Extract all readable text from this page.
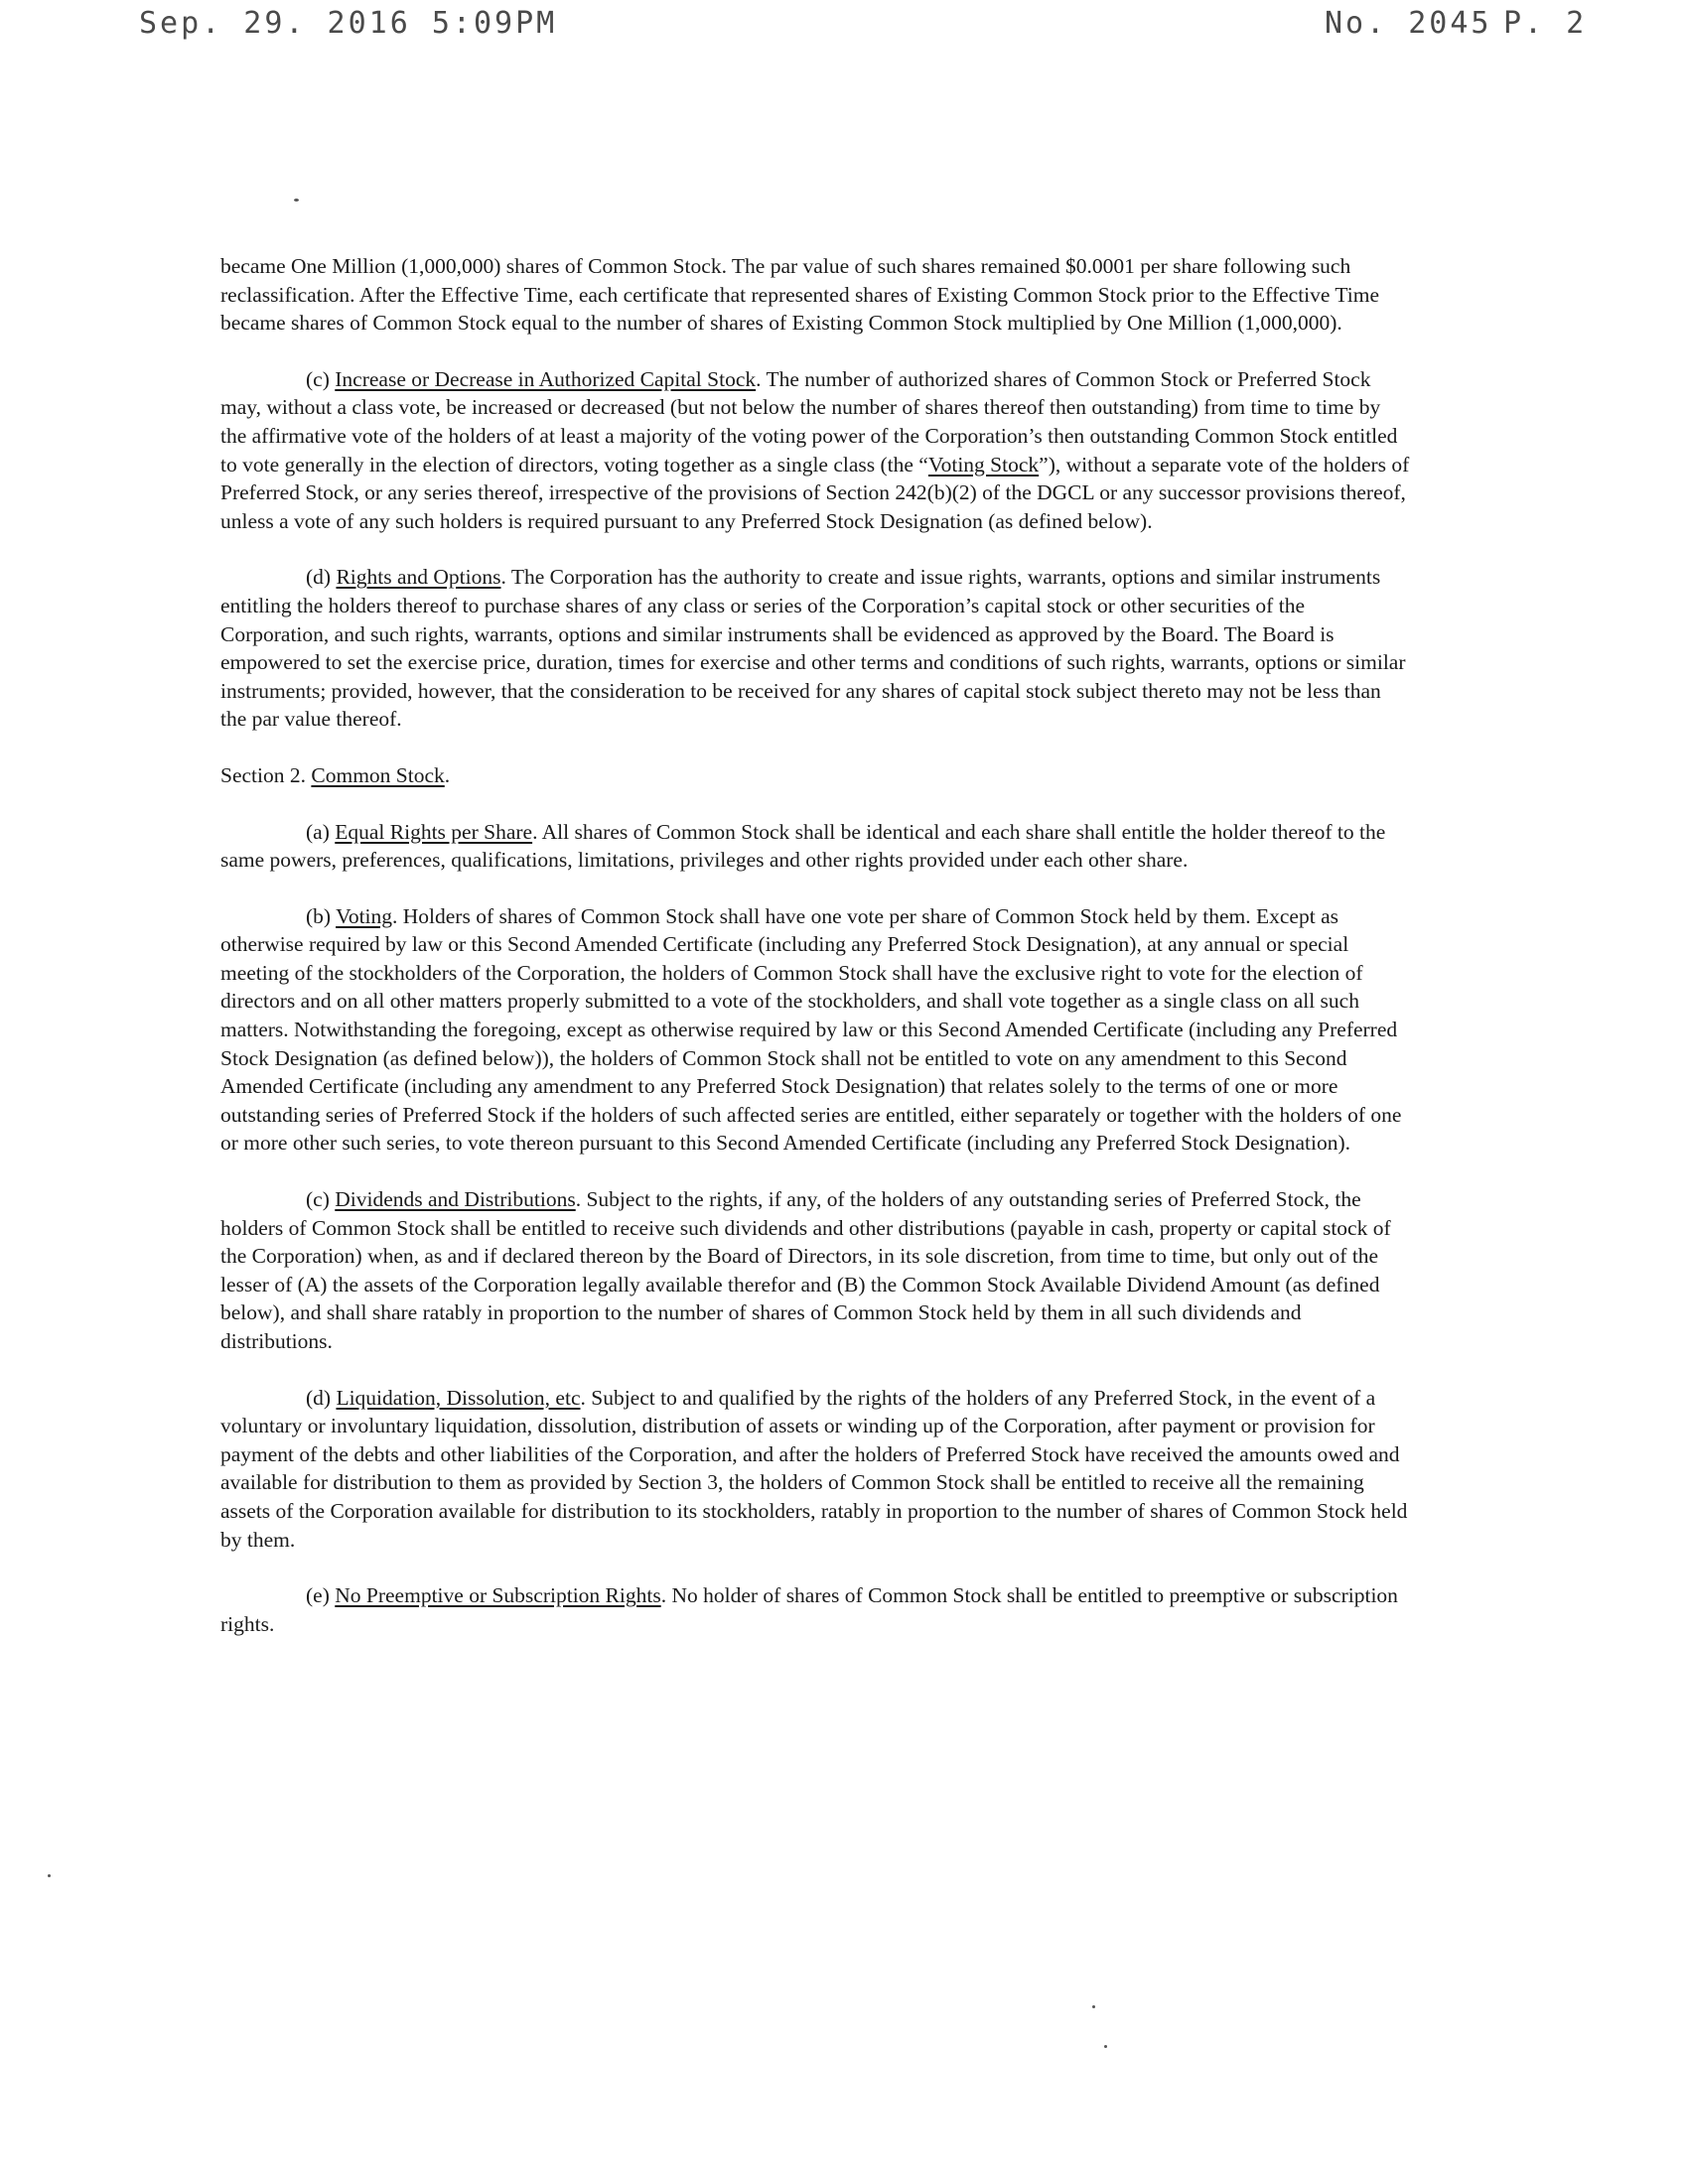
Sep. 29. 2016 5:09PM	No. 2045 P. 2

became One Million (1,000,000) shares of Common Stock. The par value of such shares remained $0.0001 per share following such reclassification. After the Effective Time, each certificate that represented shares of Existing Common Stock prior to the Effective Time became shares of Common Stock equal to the number of shares of Existing Common Stock multiplied by One Million (1,000,000).

(c) Increase or Decrease in Authorized Capital Stock. The number of authorized shares of Common Stock or Preferred Stock may, without a class vote, be increased or decreased (but not below the number of shares thereof then outstanding) from time to time by the affirmative vote of the holders of at least a majority of the voting power of the Corporation’s then outstanding Common Stock entitled to vote generally in the election of directors, voting together as a single class (the “Voting Stock”), without a separate vote of the holders of Preferred Stock, or any series thereof, irrespective of the provisions of Section 242(b)(2) of the DGCL or any successor provisions thereof, unless a vote of any such holders is required pursuant to any Preferred Stock Designation (as defined below).

(d) Rights and Options. The Corporation has the authority to create and issue rights, warrants, options and similar instruments entitling the holders thereof to purchase shares of any class or series of the Corporation’s capital stock or other securities of the Corporation, and such rights, warrants, options and similar instruments shall be evidenced as approved by the Board. The Board is empowered to set the exercise price, duration, times for exercise and other terms and conditions of such rights, warrants, options or similar instruments; provided, however, that the consideration to be received for any shares of capital stock subject thereto may not be less than the par value thereof.

Section 2. Common Stock.

(a) Equal Rights per Share. All shares of Common Stock shall be identical and each share shall entitle the holder thereof to the same powers, preferences, qualifications, limitations, privileges and other rights provided under each other share.

(b) Voting. Holders of shares of Common Stock shall have one vote per share of Common Stock held by them. Except as otherwise required by law or this Second Amended Certificate (including any Preferred Stock Designation), at any annual or special meeting of the stockholders of the Corporation, the holders of Common Stock shall have the exclusive right to vote for the election of directors and on all other matters properly submitted to a vote of the stockholders, and shall vote together as a single class on all such matters. Notwithstanding the foregoing, except as otherwise required by law or this Second Amended Certificate (including any Preferred Stock Designation (as defined below)), the holders of Common Stock shall not be entitled to vote on any amendment to this Second Amended Certificate (including any amendment to any Preferred Stock Designation) that relates solely to the terms of one or more outstanding series of Preferred Stock if the holders of such affected series are entitled, either separately or together with the holders of one or more other such series, to vote thereon pursuant to this Second Amended Certificate (including any Preferred Stock Designation).

(c) Dividends and Distributions. Subject to the rights, if any, of the holders of any outstanding series of Preferred Stock, the holders of Common Stock shall be entitled to receive such dividends and other distributions (payable in cash, property or capital stock of the Corporation) when, as and if declared thereon by the Board of Directors, in its sole discretion, from time to time, but only out of the lesser of (A) the assets of the Corporation legally available therefor and (B) the Common Stock Available Dividend Amount (as defined below), and shall share ratably in proportion to the number of shares of Common Stock held by them in all such dividends and distributions.

(d) Liquidation, Dissolution, etc. Subject to and qualified by the rights of the holders of any Preferred Stock, in the event of a voluntary or involuntary liquidation, dissolution, distribution of assets or winding up of the Corporation, after payment or provision for payment of the debts and other liabilities of the Corporation, and after the holders of Preferred Stock have received the amounts owed and available for distribution to them as provided by Section 3, the holders of Common Stock shall be entitled to receive all the remaining assets of the Corporation available for distribution to its stockholders, ratably in proportion to the number of shares of Common Stock held by them.

(e) No Preemptive or Subscription Rights. No holder of shares of Common Stock shall be entitled to preemptive or subscription rights.
